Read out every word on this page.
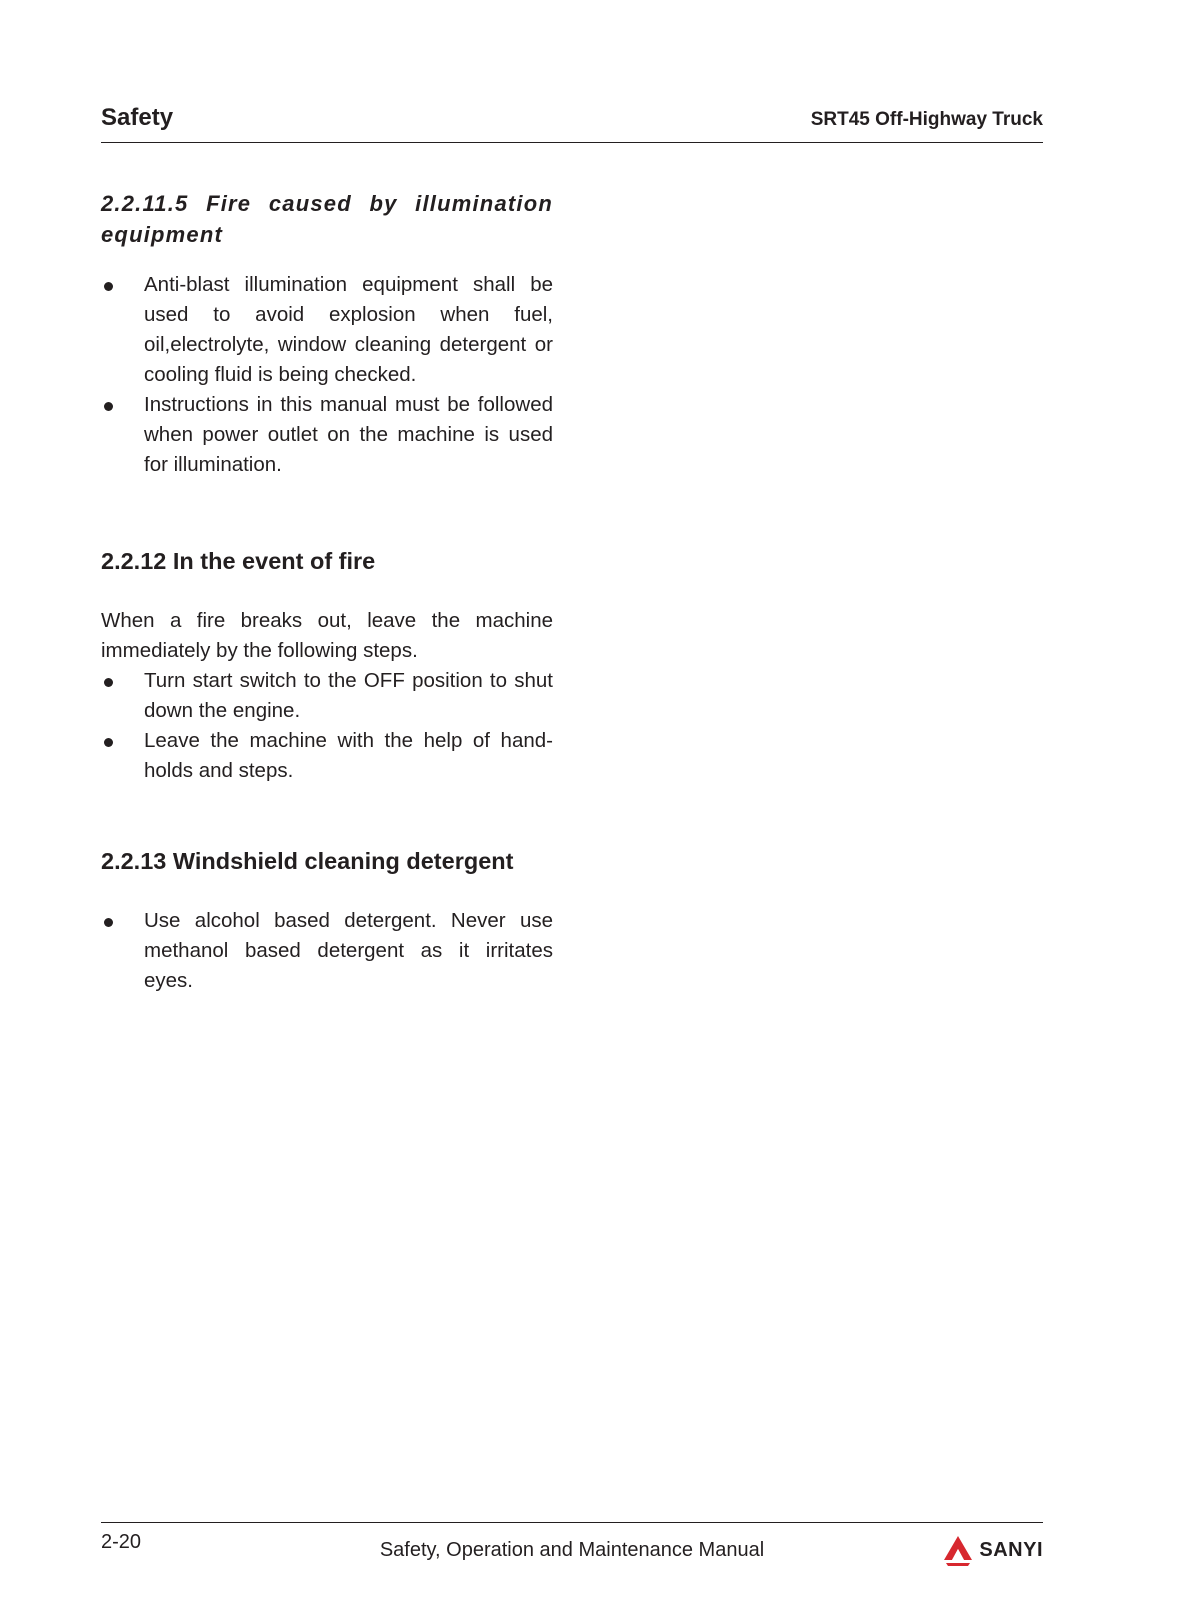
Safety	SRT45 Off-Highway Truck
2.2.11.5 Fire caused by illumination equipment
Anti-blast illumination equipment shall be used to avoid explosion when fuel, oil,electrolyte, window cleaning detergent or cooling fluid is being checked.
Instructions in this manual must be followed when power outlet on the machine is used for illumination.
2.2.12 In the event of fire
When a fire breaks out, leave the machine immediately by the following steps.
Turn start switch to the OFF position to shut down the engine.
Leave the machine with the help of hand-holds and steps.
2.2.13 Windshield cleaning detergent
Use alcohol based detergent. Never use methanol based detergent as it irritates eyes.
2-20	Safety, Operation and Maintenance Manual	SANYI
